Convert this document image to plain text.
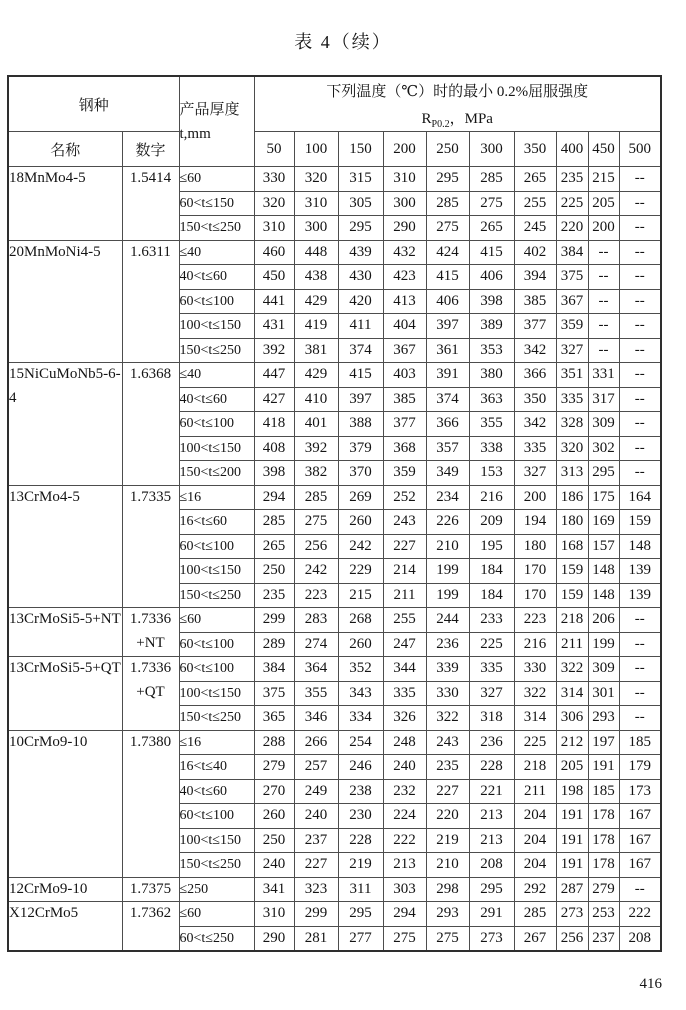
表 4（续）
钢种		产品厚度 t,mm	下列温度（℃）时的最小 0.2%屈服强度
$R_{P0.2}$，MPa									

			50	100	150	200	250	300	350	400	450	500
名称	数字											
18MnMo4-5	1.5414	≤60	330	320	315	310	295	285	265	235	215	--
		60<t≤150	320	310	305	300	285	275	255	225	205	--
		150<t≤250	310	300	295	290	275	265	245	220	200	--
20MnMoNi4-5	1.6311	≤40	460	448	439	432	424	415	402	384	--	--
		40<t≤60	450	438	430	423	415	406	394	375	--	--
		60<t≤100	441	429	420	413	406	398	385	367	--	--
		100<t≤150	431	419	411	404	397	389	377	359	--	--
		150<t≤250	392	381	374	367	361	353	342	327	--	--
15NiCuMoNb5-6-4	1.6368	≤40	447	429	415	403	391	380	366	351	331	--
		40<t≤60	427	410	397	385	374	363	350	335	317	--
		60<t≤100	418	401	388	377	366	355	342	328	309	--
		100<t≤150	408	392	379	368	357	338	335	320	302	--
		150<t≤200	398	382	370	359	349	153	327	313	295	--
13CrMo4-5	1.7335	≤16	294	285	269	252	234	216	200	186	175	164
		16<t≤60	285	275	260	243	226	209	194	180	169	159
		60<t≤100	265	256	242	227	210	195	180	168	157	148
		100<t≤150	250	242	229	214	199	184	170	159	148	139
		150<t≤250	235	223	215	211	199	184	170	159	148	139
13CrMoSi5-5+NT	1.7336 +NT	≤60	299	283	268	255	244	233	223	218	206	--
		60<t≤100	289	274	260	247	236	225	216	211	199	--
13CrMoSi5-5+QT	1.7336 +QT	60<t≤100	384	364	352	344	339	335	330	322	309	--
		100<t≤150	375	355	343	335	330	327	322	314	301	--
		150<t≤250	365	346	334	326	322	318	314	306	293	--
10CrMo9-10	1.7380	≤16	288	266	254	248	243	236	225	212	197	185
		16<t≤40	279	257	246	240	235	228	218	205	191	179
		40<t≤60	270	249	238	232	227	221	211	198	185	173
		60<t≤100	260	240	230	224	220	213	204	191	178	167
		100<t≤150	250	237	228	222	219	213	204	191	178	167
		150<t≤250	240	227	219	213	210	208	204	191	178	167
12CrMo9-10	1.7375	≤250	341	323	311	303	298	295	292	287	279	--
X12CrMo5	1.7362	≤60	310	299	295	294	293	291	285	273	253	222
		60<t≤250	290	281	277	275	275	273	267	256	237	208
416
